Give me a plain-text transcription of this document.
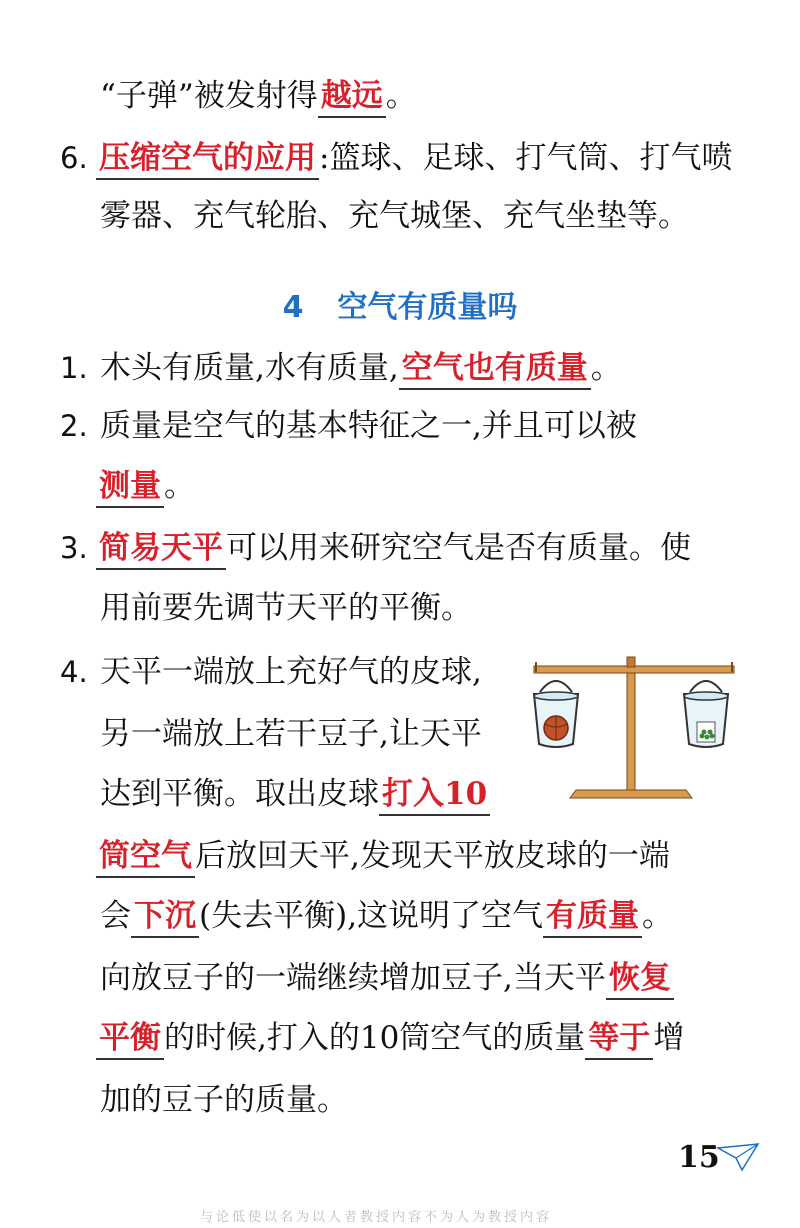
“子弹”被发射得越远。
6. 压缩空气的应用:篮球、足球、打气筒、打气喷
雾器、充气轮胎、充气城堡、充气坐垫等。
4 空气有质量吗
1. 木头有质量,水有质量,空气也有质量。
2. 质量是空气的基本特征之一,并且可以被
测量。
3. 简易天平可以用来研究空气是否有质量。使
用前要先调节天平的平衡。
4. 天平一端放上充好气的皮球,
另一端放上若干豆子,让天平
达到平衡。取出皮球打入10
筒空气后放回天平,发现天平放皮球的一端
会下沉(失去平衡),这说明了空气有质量。
向放豆子的一端继续增加豆子,当天平恢复
平衡的时候,打入的10筒空气的质量等于增
加的豆子的质量。
15
与论低使以名为以人者教授内容不为人为教授内容
